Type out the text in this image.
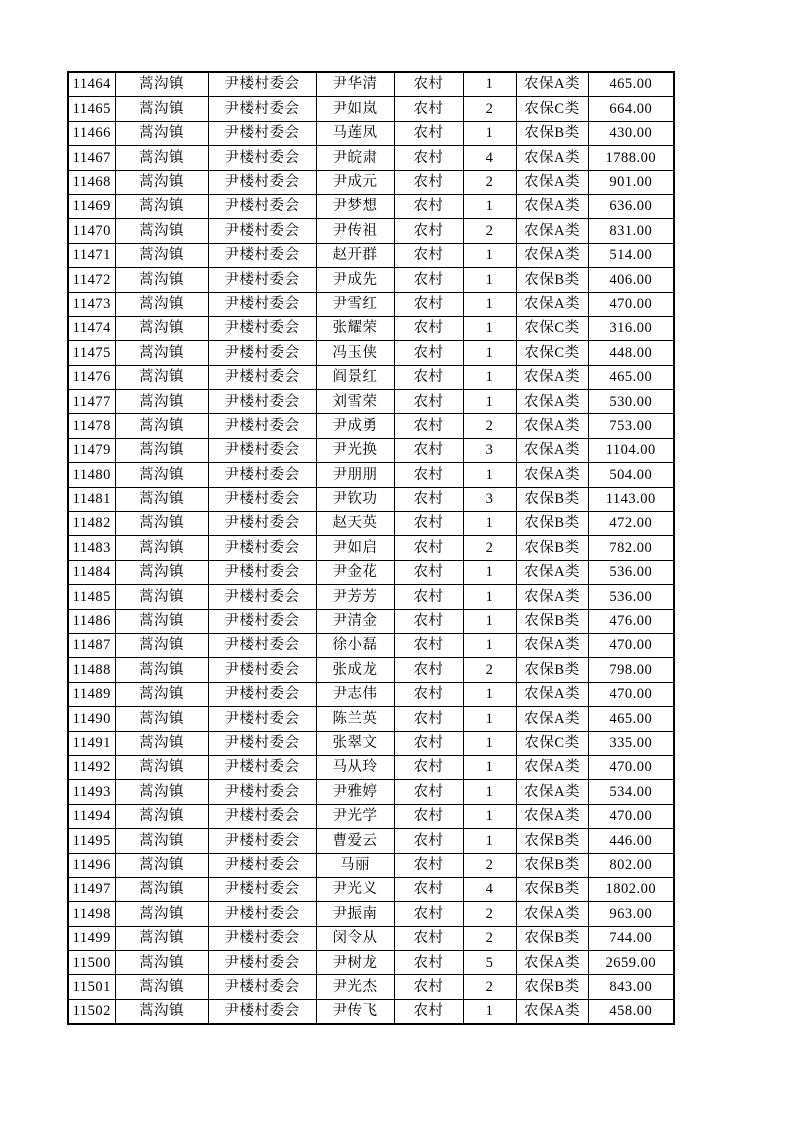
11464	蒿沟镇	尹楼村委会	尹华清	农村	1	农保A类	465.00
11465	蒿沟镇	尹楼村委会	尹如岚	农村	2	农保C类	664.00
11466	蒿沟镇	尹楼村委会	马莲凤	农村	1	农保B类	430.00
11467	蒿沟镇	尹楼村委会	尹皖肃	农村	4	农保A类	1788.00
11468	蒿沟镇	尹楼村委会	尹成元	农村	2	农保A类	901.00
11469	蒿沟镇	尹楼村委会	尹梦想	农村	1	农保A类	636.00
11470	蒿沟镇	尹楼村委会	尹传祖	农村	2	农保A类	831.00
11471	蒿沟镇	尹楼村委会	赵开群	农村	1	农保A类	514.00
11472	蒿沟镇	尹楼村委会	尹成先	农村	1	农保B类	406.00
11473	蒿沟镇	尹楼村委会	尹雪红	农村	1	农保A类	470.00
11474	蒿沟镇	尹楼村委会	张耀荣	农村	1	农保C类	316.00
11475	蒿沟镇	尹楼村委会	冯玉侠	农村	1	农保C类	448.00
11476	蒿沟镇	尹楼村委会	阎景红	农村	1	农保A类	465.00
11477	蒿沟镇	尹楼村委会	刘雪荣	农村	1	农保A类	530.00
11478	蒿沟镇	尹楼村委会	尹成勇	农村	2	农保A类	753.00
11479	蒿沟镇	尹楼村委会	尹光换	农村	3	农保A类	1104.00
11480	蒿沟镇	尹楼村委会	尹朋朋	农村	1	农保A类	504.00
11481	蒿沟镇	尹楼村委会	尹钦功	农村	3	农保B类	1143.00
11482	蒿沟镇	尹楼村委会	赵天英	农村	1	农保B类	472.00
11483	蒿沟镇	尹楼村委会	尹如启	农村	2	农保B类	782.00
11484	蒿沟镇	尹楼村委会	尹金花	农村	1	农保A类	536.00
11485	蒿沟镇	尹楼村委会	尹芳芳	农村	1	农保A类	536.00
11486	蒿沟镇	尹楼村委会	尹清金	农村	1	农保B类	476.00
11487	蒿沟镇	尹楼村委会	徐小磊	农村	1	农保A类	470.00
11488	蒿沟镇	尹楼村委会	张成龙	农村	2	农保B类	798.00
11489	蒿沟镇	尹楼村委会	尹志伟	农村	1	农保A类	470.00
11490	蒿沟镇	尹楼村委会	陈兰英	农村	1	农保A类	465.00
11491	蒿沟镇	尹楼村委会	张翠文	农村	1	农保C类	335.00
11492	蒿沟镇	尹楼村委会	马从玲	农村	1	农保A类	470.00
11493	蒿沟镇	尹楼村委会	尹雅婷	农村	1	农保A类	534.00
11494	蒿沟镇	尹楼村委会	尹光学	农村	1	农保A类	470.00
11495	蒿沟镇	尹楼村委会	曹爱云	农村	1	农保B类	446.00
11496	蒿沟镇	尹楼村委会	马丽	农村	2	农保B类	802.00
11497	蒿沟镇	尹楼村委会	尹光义	农村	4	农保B类	1802.00
11498	蒿沟镇	尹楼村委会	尹振南	农村	2	农保A类	963.00
11499	蒿沟镇	尹楼村委会	闵令从	农村	2	农保B类	744.00
11500	蒿沟镇	尹楼村委会	尹树龙	农村	5	农保A类	2659.00
11501	蒿沟镇	尹楼村委会	尹光杰	农村	2	农保B类	843.00
11502	蒿沟镇	尹楼村委会	尹传飞	农村	1	农保A类	458.00
